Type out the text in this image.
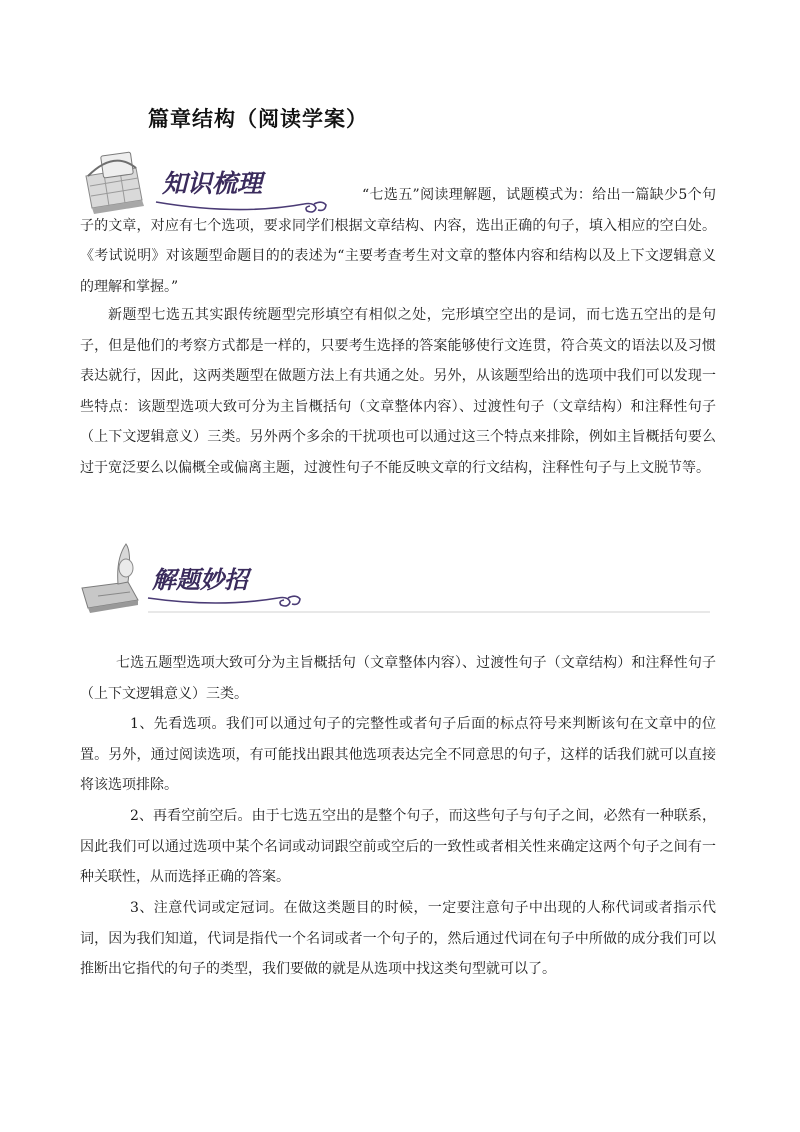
篇章结构（阅读学案）
知识梳理	“七选五”阅读理解题，试题模式为：给出一篇缺少5个句子的文章，对应有七个选项，要求同学们根据文章结构、内容，选出正确的句子，填入相应的空白处。《考试说明》对该题型命题目的的表述为“主要考查考生对文章的整体内容和结构以及上下文逻辑意义的理解和掌握。”

新题型七选五其实跟传统题型完形填空有相似之处，完形填空空出的是词，而七选五空出的是句子，但是他们的考察方式都是一样的，只要考生选择的答案能够使行文连贯，符合英文的语法以及习惯表达就行，因此，这两类题型在做题方法上有共通之处。另外，从该题型给出的选项中我们可以发现一些特点：该题型选项大致可分为主旨概括句（文章整体内容）、过渡性句子（文章结构）和注释性句子（上下文逻辑意义）三类。另外两个多余的干扰项也可以通过这三个特点来排除，例如主旨概括句要么过于宽泛要么以偏概全或偏离主题，过渡性句子不能反映文章的行文结构，注释性句子与上文脱节等。

解题妙招

七选五题型选项大致可分为主旨概括句（文章整体内容）、过渡性句子（文章结构）和注释性句子（上下文逻辑意义）三类。

1、先看选项。我们可以通过句子的完整性或者句子后面的标点符号来判断该句在文章中的位置。另外，通过阅读选项，有可能找出跟其他选项表达完全不同意思的句子，这样的话我们就可以直接将该选项排除。

2、再看空前空后。由于七选五空出的是整个句子，而这些句子与句子之间，必然有一种联系，因此我们可以通过选项中某个名词或动词跟空前或空后的一致性或者相关性来确定这两个句子之间有一种关联性，从而选择正确的答案。

3、注意代词或定冠词。在做这类题目的时候，一定要注意句子中出现的人称代词或者指示代词，因为我们知道，代词是指代一个名词或者一个句子的，然后通过代词在句子中所做的成分我们可以推断出它指代的句子的类型，我们要做的就是从选项中找这类句型就可以了。
